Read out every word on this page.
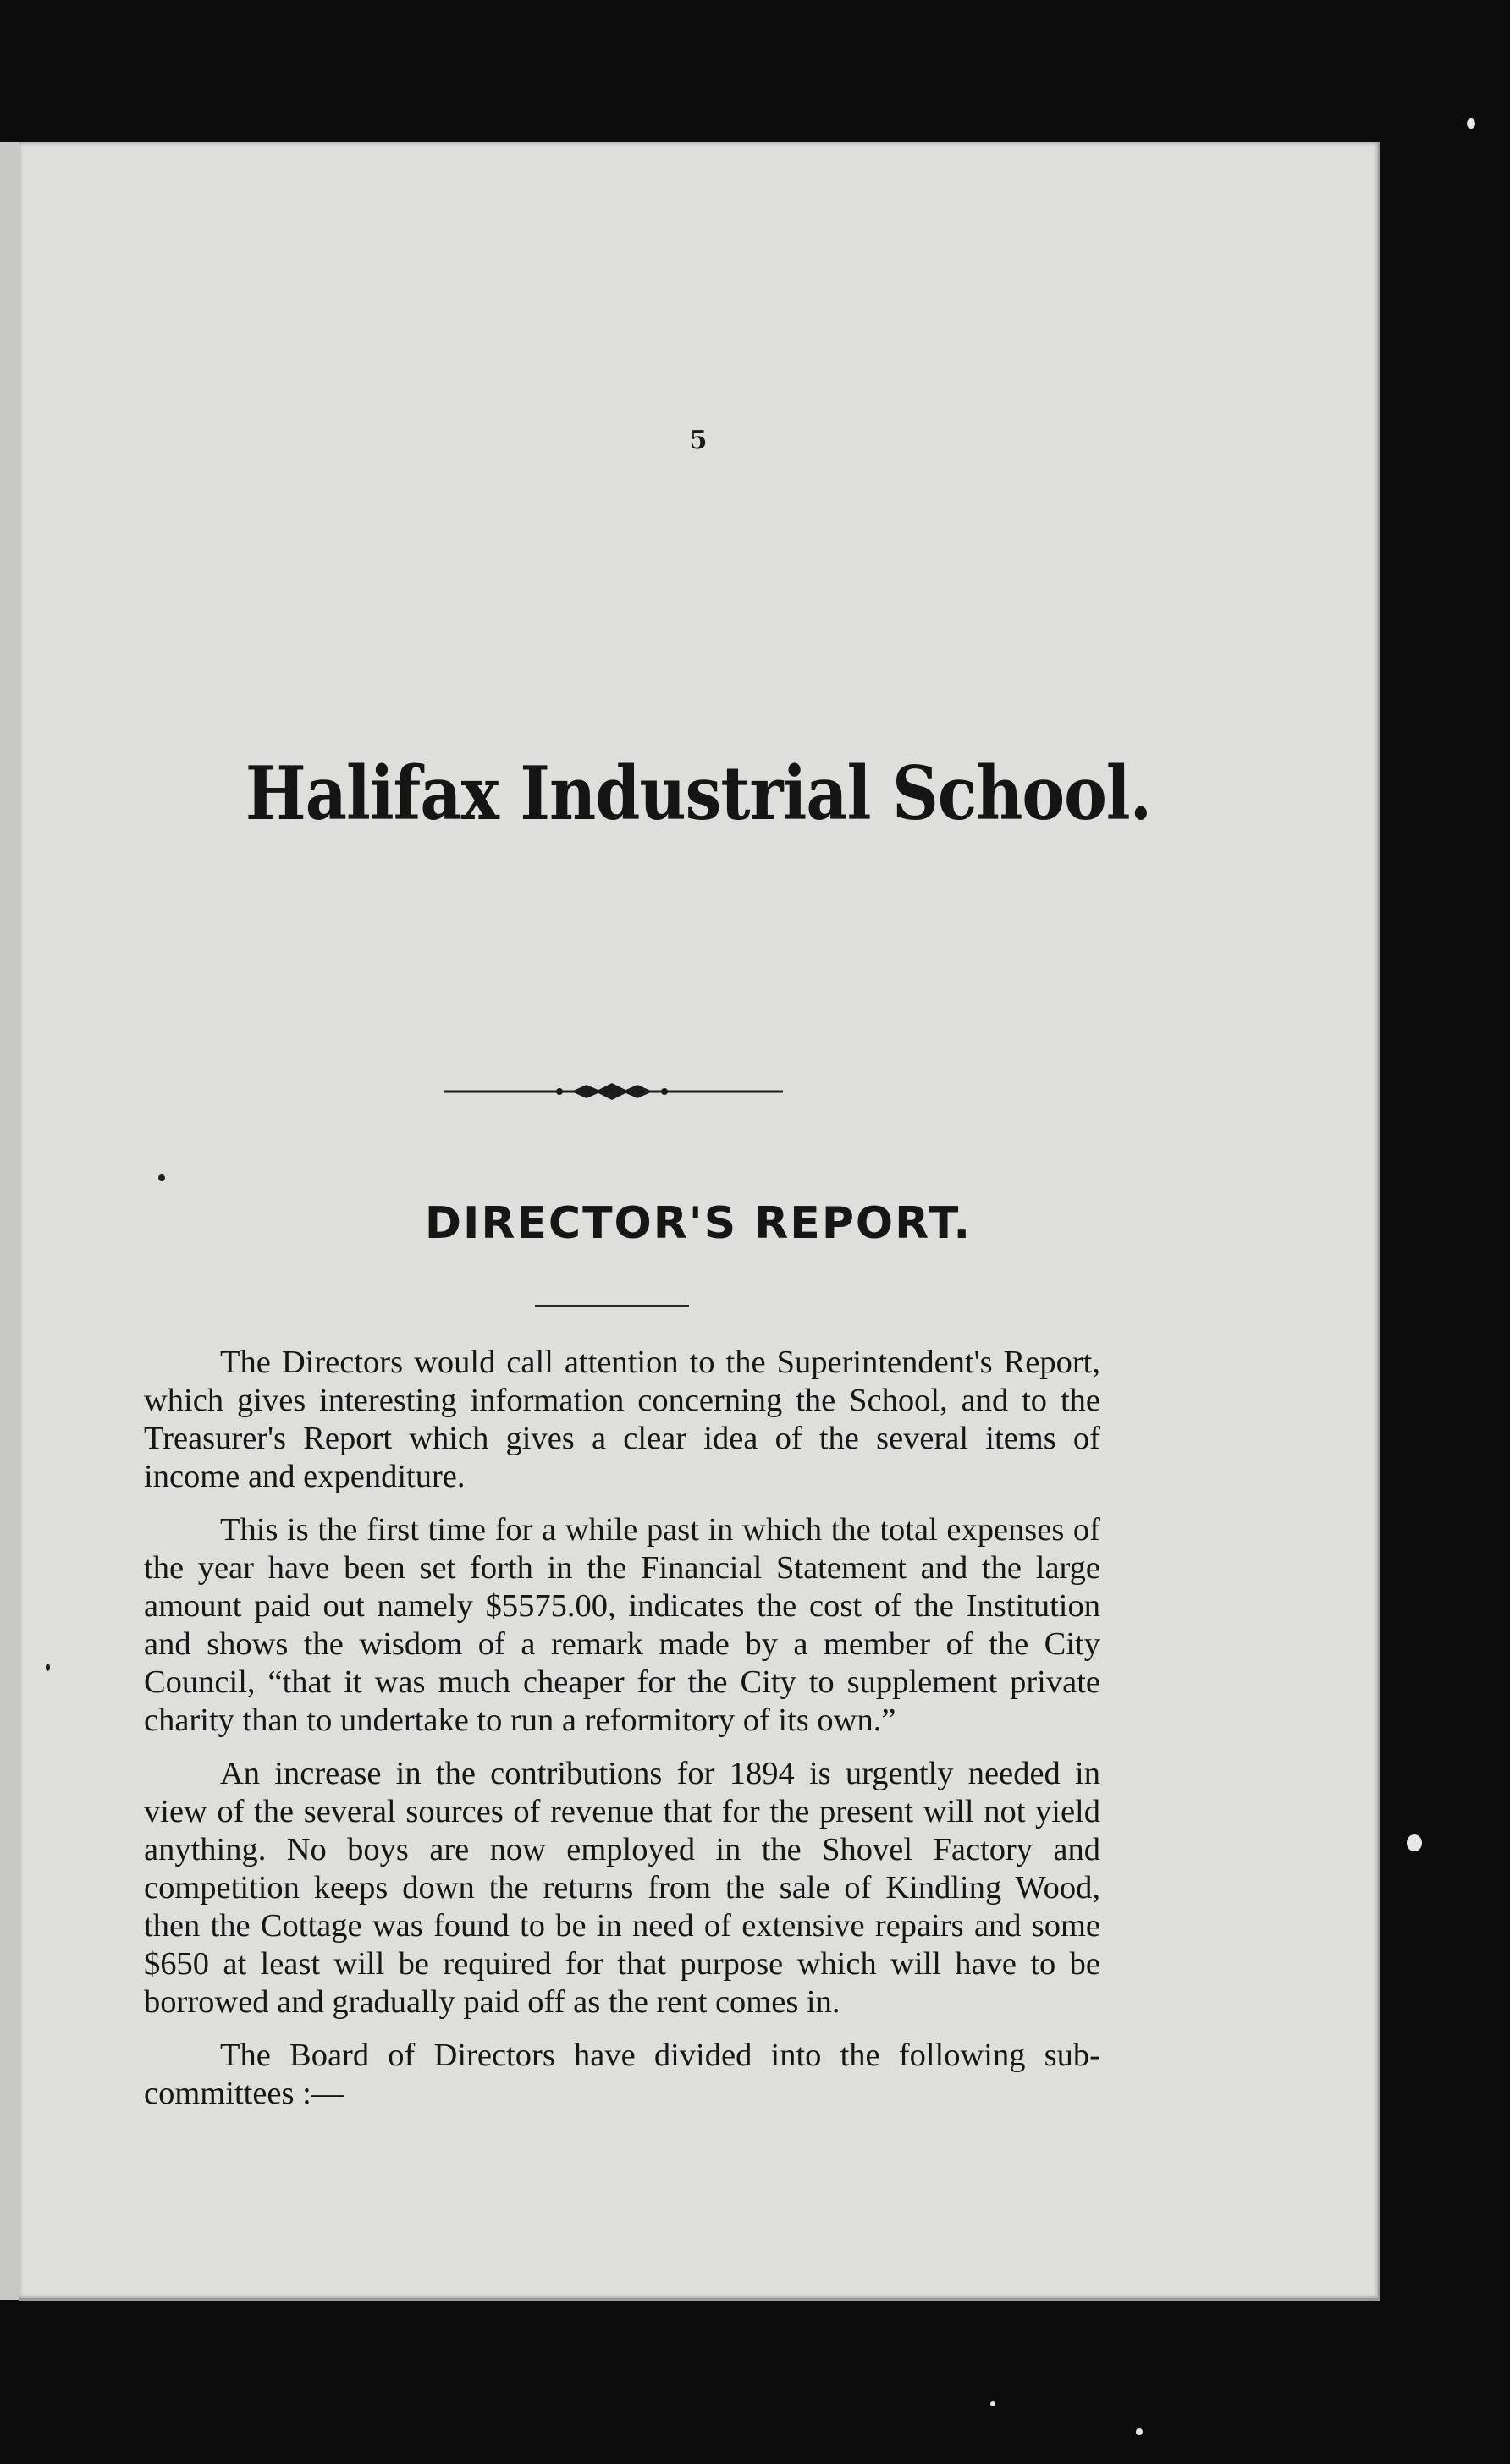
5
Halifax Industrial School.
DIRECTOR'S REPORT.

The Directors would call attention to the Superintendent's Report, which gives interesting information concerning the School, and to the Treasurer's Report which gives a clear idea of the several items of income and expenditure.

This is the first time for a while past in which the total expenses of the year have been set forth in the Financial Statement and the large amount paid out namely $5575.00, indicates the cost of the Institution and shows the wisdom of a remark made by a member of the City Council, “that it was much cheaper for the City to supplement private charity than to undertake to run a reformitory of its own.”

An increase in the contributions for 1894 is urgently needed in view of the several sources of revenue that for the present will not yield anything. No boys are now employed in the Shovel Factory and competition keeps down the returns from the sale of Kindling Wood, then the Cottage was found to be in need of extensive repairs and some $650 at least will be required for that purpose which will have to be borrowed and gradually paid off as the rent comes in.

The Board of Directors have divided into the following sub-committees :—
